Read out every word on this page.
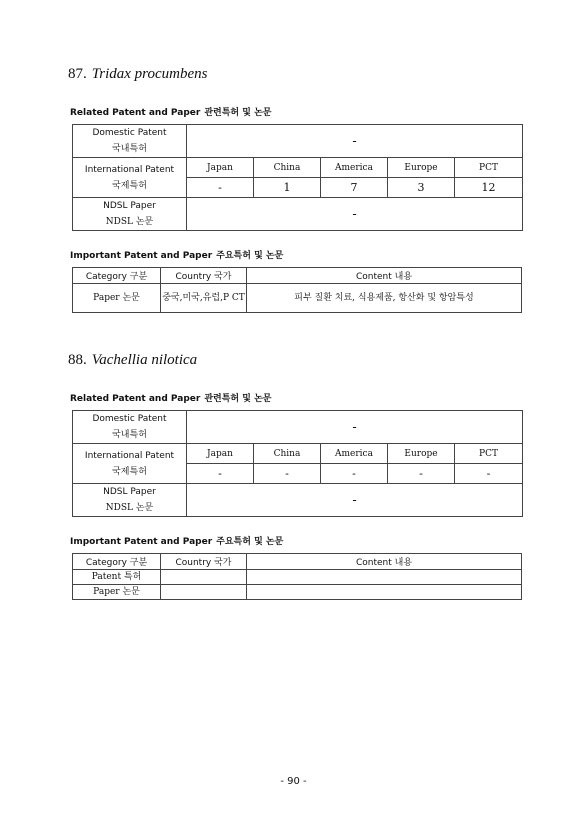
87. Tridax procumbens
Related Patent and Paper 관련특허 및 논문
Domestic Patent
국내특허	-				

International Patent
국제특허	Japan	China	America	Europe	PCT
	-	1	7	3	12

NDSL Paper
NDSL 논문	-				
Important Patent and Paper 주요특허 및 논문
Category 구분	Country 국가	Content 내용
Paper 논문	중국,미국,유럽,P CT	피부 질환 치료, 식용제품, 항산화 및 항암특성
88. Vachellia nilotica
Related Patent and Paper 관련특허 및 논문
Domestic Patent
국내특허	-				

International Patent
국제특허	Japan	China	America	Europe	PCT
	-	-	-	-	-

NDSL Paper
NDSL 논문	-				
Important Patent and Paper 주요특허 및 논문
Category 구분	Country 국가	Content 내용
Patent 특허		
Paper 논문		
- 90 -
